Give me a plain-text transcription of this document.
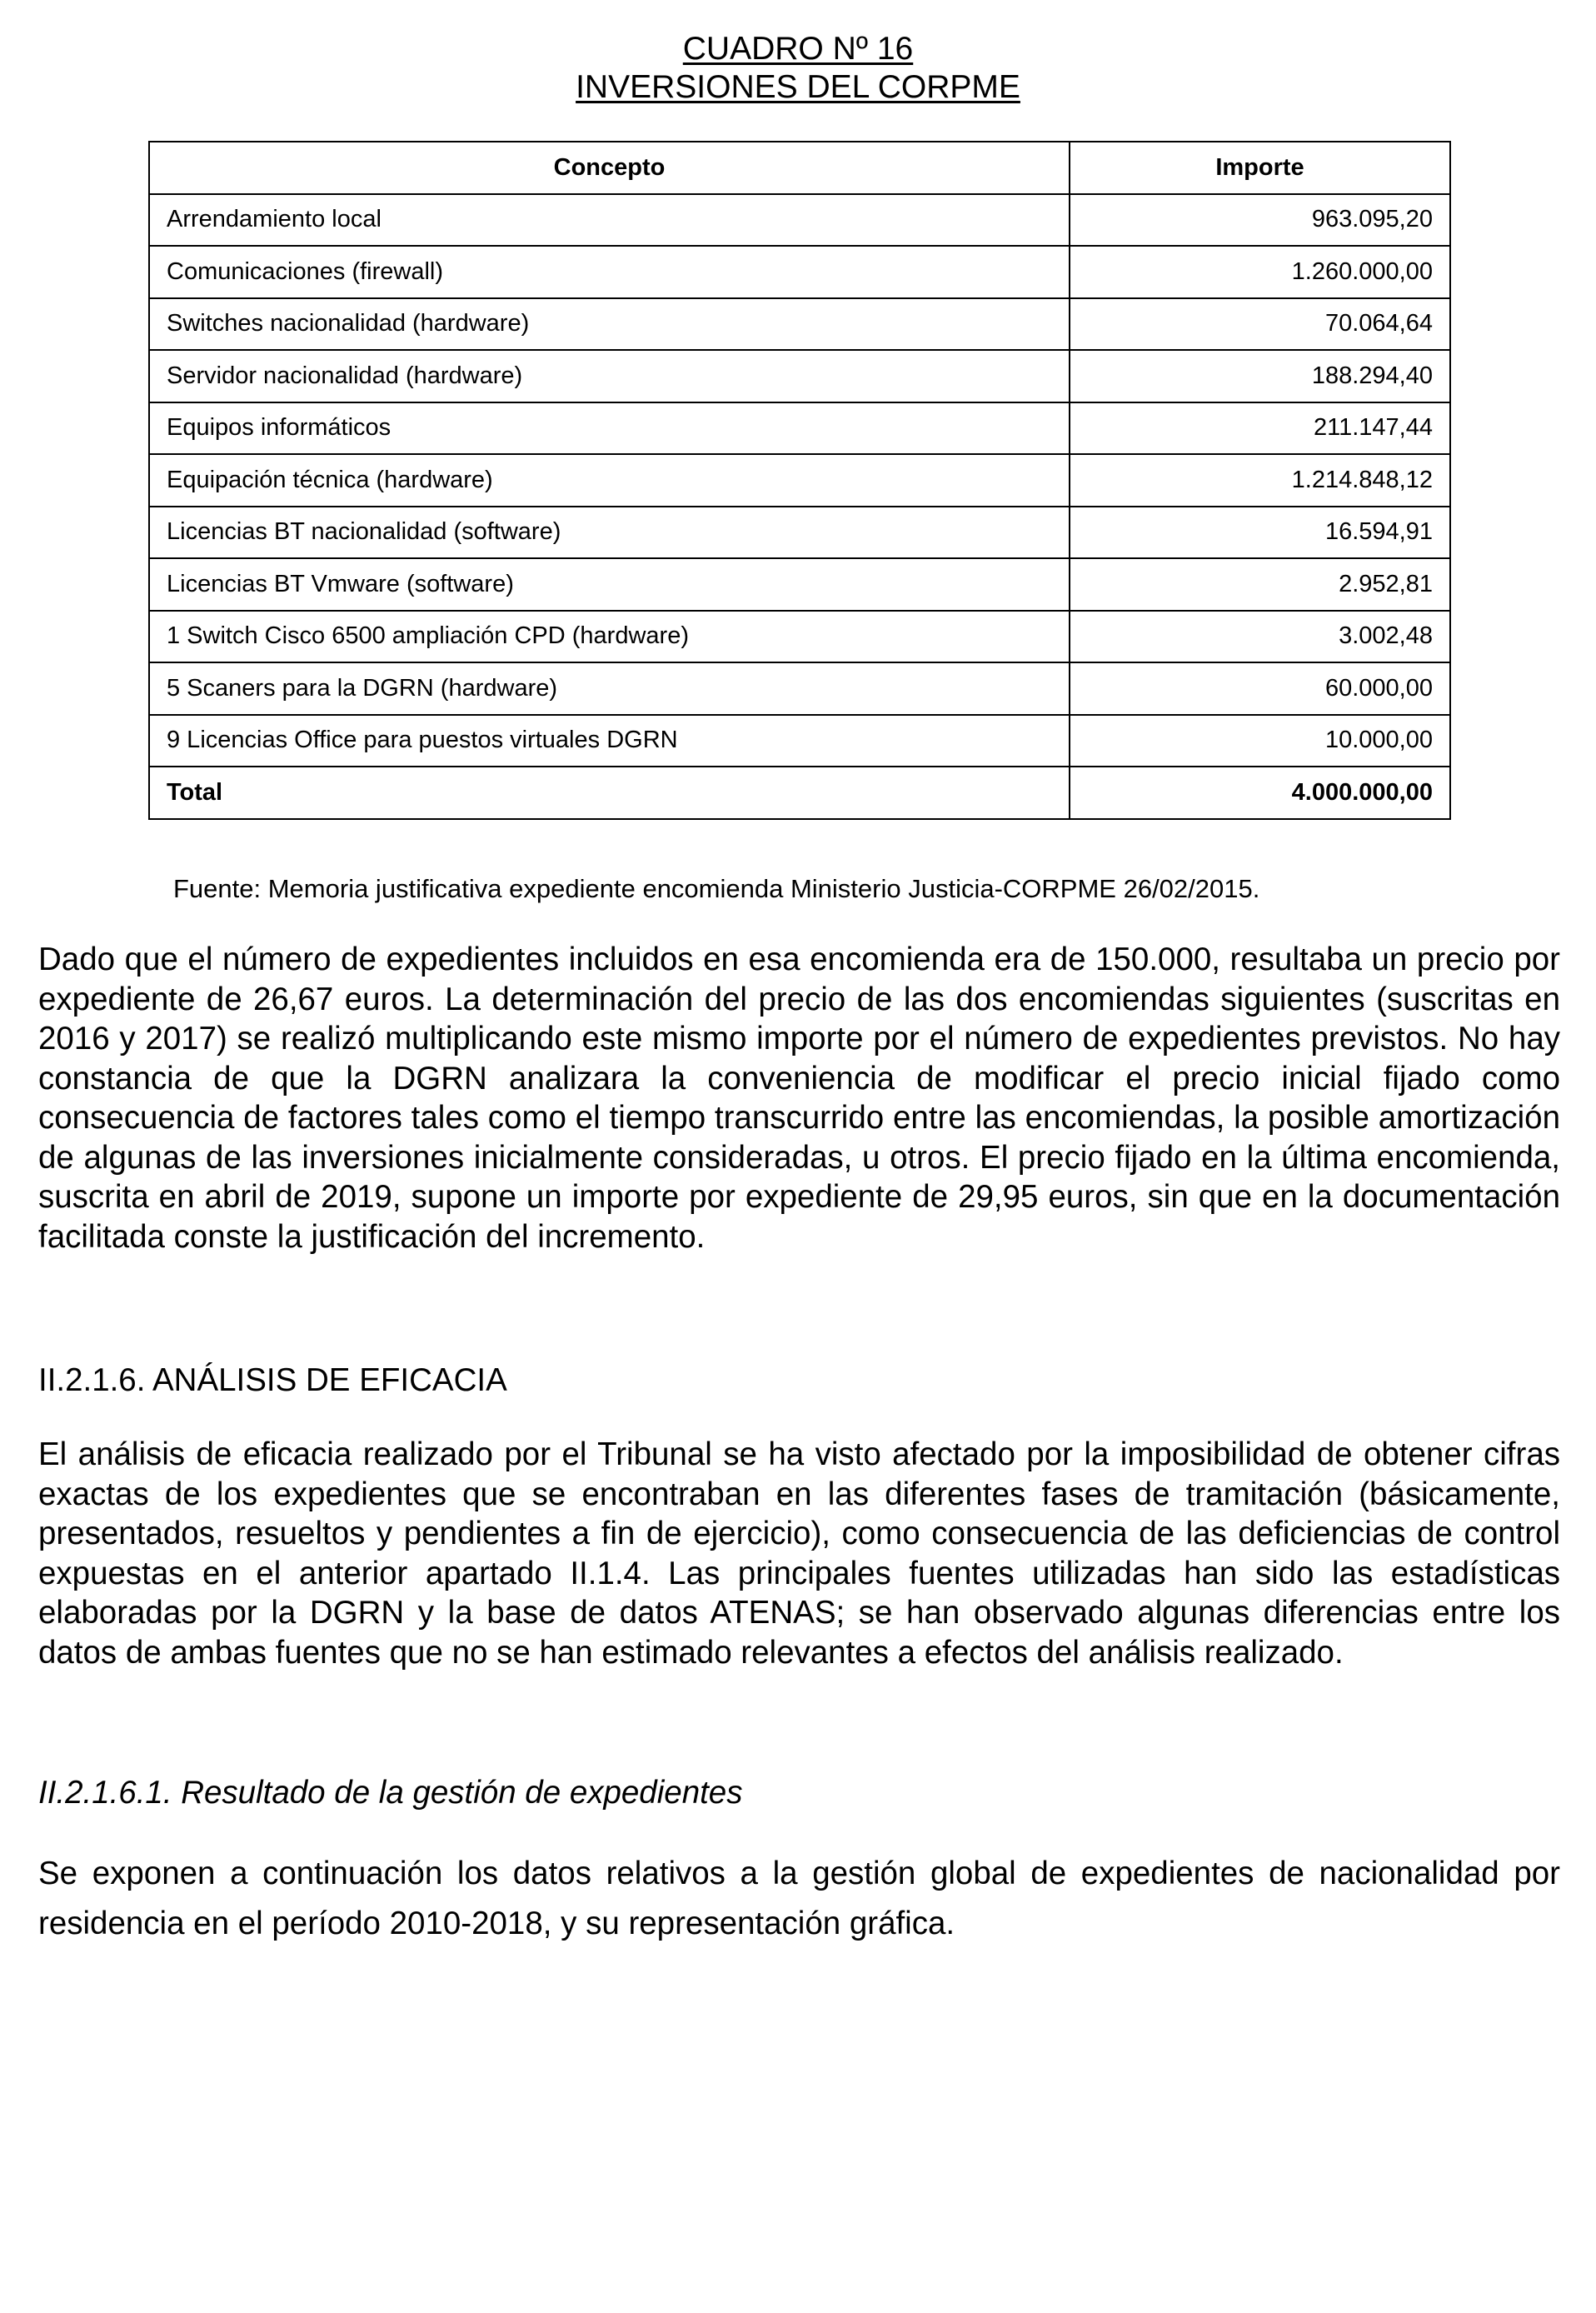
CUADRO Nº 16
INVERSIONES DEL CORPME
Concepto	Importe
Arrendamiento local	963.095,20
Comunicaciones (firewall)	1.260.000,00
Switches nacionalidad (hardware)	70.064,64
Servidor nacionalidad (hardware)	188.294,40
Equipos informáticos	211.147,44
Equipación técnica (hardware)	1.214.848,12
Licencias BT nacionalidad (software)	16.594,91
Licencias BT Vmware (software)	2.952,81
1 Switch Cisco 6500 ampliación CPD (hardware)	3.002,48
5 Scaners para la DGRN (hardware)	60.000,00
9 Licencias Office para puestos virtuales DGRN	10.000,00
Total	4.000.000,00
Fuente: Memoria justificativa expediente encomienda Ministerio Justicia-CORPME 26/02/2015.

Dado que el número de expedientes incluidos en esa encomienda era de 150.000, resultaba un precio por expediente de 26,67 euros. La determinación del precio de las dos encomiendas siguientes (suscritas en 2016 y 2017) se realizó multiplicando este mismo importe por el número de expedientes previstos. No hay constancia de que la DGRN analizara la conveniencia de modificar el precio inicial fijado como consecuencia de factores tales como el tiempo transcurrido entre las encomiendas, la posible amortización de algunas de las inversiones inicialmente consideradas, u otros. El precio fijado en la última encomienda, suscrita en abril de 2019, supone un importe por expediente de 29,95 euros, sin que en la documentación facilitada conste la justificación del incremento.

II.2.1.6. ANÁLISIS DE EFICACIA

El análisis de eficacia realizado por el Tribunal se ha visto afectado por la imposibilidad de obtener cifras exactas de los expedientes que se encontraban en las diferentes fases de tramitación (básicamente, presentados, resueltos y pendientes a fin de ejercicio), como consecuencia de las deficiencias de control expuestas en el anterior apartado II.1.4. Las principales fuentes utilizadas han sido las estadísticas elaboradas por la DGRN y la base de datos ATENAS; se han observado algunas diferencias entre los datos de ambas fuentes que no se han estimado relevantes a efectos del análisis realizado.

II.2.1.6.1. Resultado de la gestión de expedientes

Se exponen a continuación los datos relativos a la gestión global de expedientes de nacionalidad por residencia en el período 2010-2018, y su representación gráfica.
